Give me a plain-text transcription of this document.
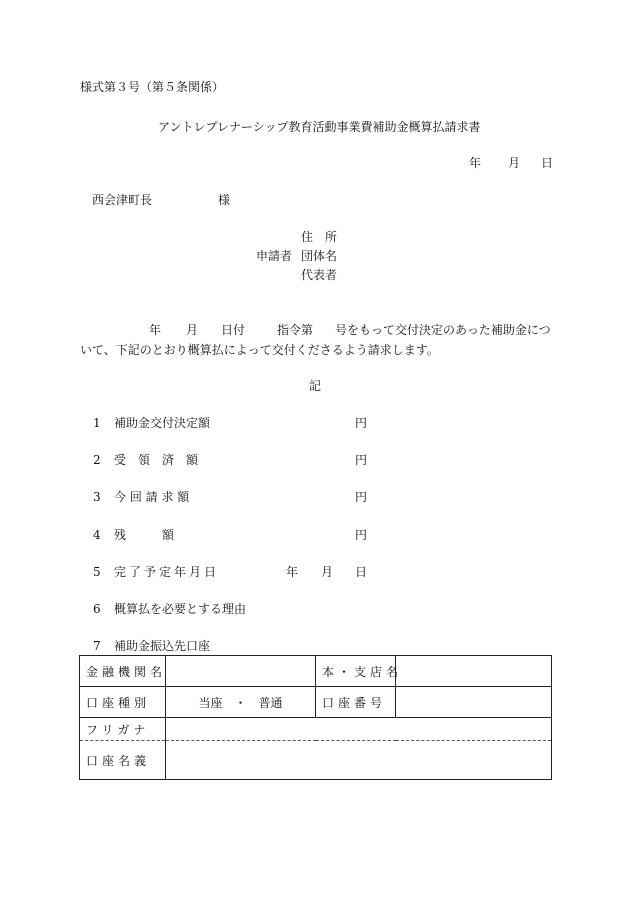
様式第３号（第５条関係）
アントレプレナーシップ教育活動事業費補助金概算払請求書
年 月 日
西会津町長	様
住　所
申請者 団体名
代表者
年 月 日付	指令第 号をもって交付決定のあった補助金につ
いて、下記のとおり概算払によって交付くださるよう請求します。
記
1 補助金交付決定額	円
2 受　領　済　額	円
3 今 回 請 求 額	円
4 残　　　額	円
5 完了予定年月日	年 月 日
6 概算払を必要とする理由
7 補助金振込先口座
金融機関名		本・支店名	
口座種別	当座　・　普通	口座番号	
フリガナ			
口座名義			
